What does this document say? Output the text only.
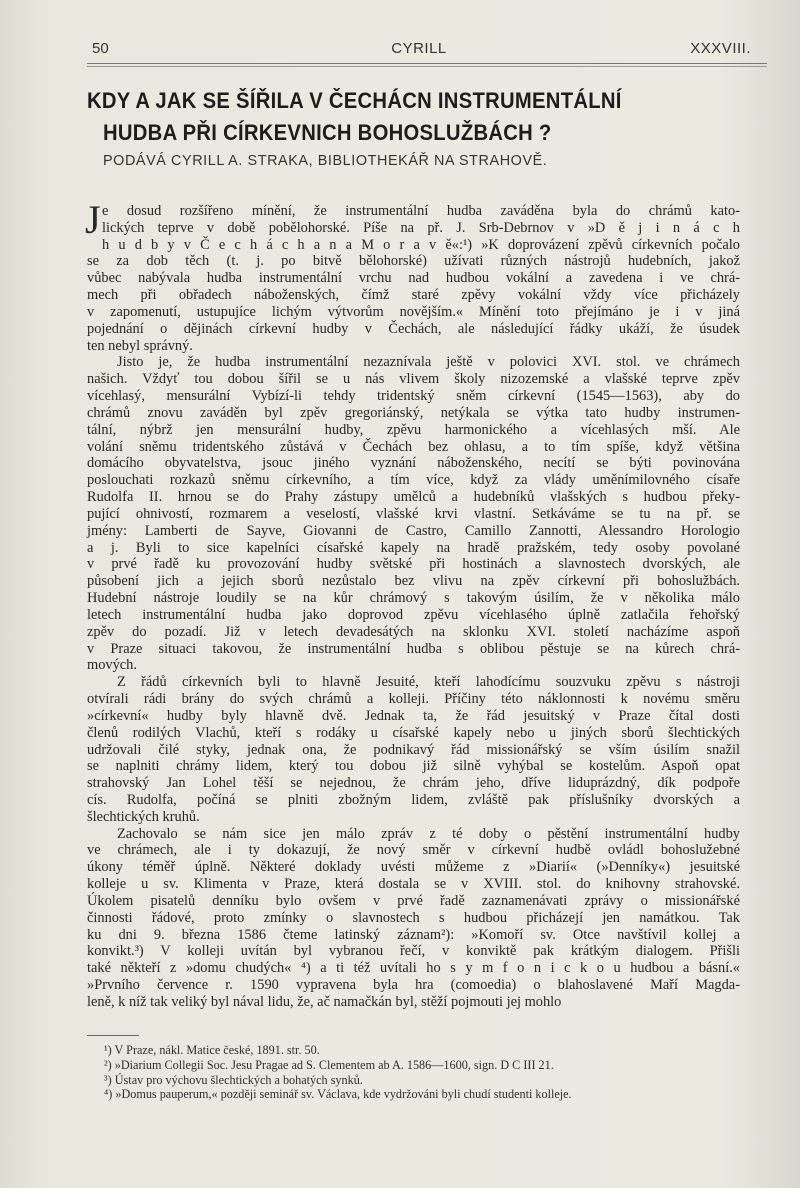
50	CYRILL	XXXVIII.
KDY A JAK SE ŠÍŘILA V ČECHÁCN INSTRUMENTÁLNÍ
HUDBA PŘI CÍRKEVNICH BOHOSLUŽBÁCH ?
PODÁVÁ CYRILL A. STRAKA, BIBLIOTHEKÁŘ NA STRAHOVĚ.
J e dosud rozšířeno mínění, že instrumentální hudba zaváděna byla do chrámů kato-
lických teprve v době pobělohorské. Píše na př. J. Srb-Debrnov v »D ě j i n á c h
h u d b y v Č e c h á c h a n a M o r a v ě«:¹) »K doprovázení zpěvů církevních počalo
se za dob těch (t. j. po bitvě bělohorské) užívati různých nástrojů hudebních, jakož
vůbec nabývala hudba instrumentální vrchu nad hudbou vokální a zavedena i ve chrá-
mech při obřadech náboženských, čímž staré zpěvy vokální vždy více přicházely
v zapomenutí, ustupujíce lichým výtvorům novějším.« Mínění toto přejímáno je i v jiná
pojednání o dějinách církevní hudby v Čechách, ale následující řádky ukáží, že úsudek
ten nebyl správný.
Jisto je, že hudba instrumentální nezaznívala ještě v polovici XVI. stol. ve chrámech
našich. Vždyť tou dobou šířil se u nás vlivem školy nizozemské a vlašské teprve zpěv
vícehlasý, mensurální Vybízí-li tehdy tridentský sněm církevní (1545—1563), aby do
chrámů znovu zaváděn byl zpěv gregoriánský, netýkala se výtka tato hudby instrumen-
tální, nýbrž jen mensurální hudby, zpěvu harmonického a vícehlasých mší. Ale
volání sněmu tridentského zůstává v Čechách bez ohlasu, a to tím spíše, když většina
domácího obyvatelstva, jsouc jiného vyznání náboženského, necítí se býti povinována
poslouchati rozkazů sněmu církevního, a tím více, když za vlády uměnímilovného císaře
Rudolfa II. hrnou se do Prahy zástupy umělců a hudebníků vlašských s hudbou překy-
pující ohnivostí, rozmarem a veselostí, vlašské krvi vlastní. Setkáváme se tu na př. se
jmény: Lamberti de Sayve, Giovanni de Castro, Camillo Zannotti, Alessandro Horologio
a j. Byli to sice kapelníci císařské kapely na hradě pražském, tedy osoby povolané
v prvé řadě ku provozování hudby světské při hostinách a slavnostech dvorských, ale
působení jich a jejich sborů nezůstalo bez vlivu na zpěv církevní při bohoslužbách.
Hudební nástroje loudily se na kůr chrámový s takovým úsilím, že v několika málo
letech instrumentální hudba jako doprovod zpěvu vícehlasého úplně zatlačila řehořský
zpěv do pozadí. Již v letech devadesátých na sklonku XVI. století nacházíme aspoň
v Praze situaci takovou, že instrumentální hudba s oblibou pěstuje se na kůrech chrá-
mových.
Z řádů církevních byli to hlavně Jesuité, kteří lahodícímu souzvuku zpěvu s nástroji
otvírali rádi brány do svých chrámů a kolleji. Příčiny této náklonnosti k novému směru
»církevní« hudby byly hlavně dvě. Jednak ta, že řád jesuitský v Praze čítal dosti
členů rodilých Vlachů, kteří s rodáky u císařské kapely nebo u jiných sborů šlechtických
udržovali čilé styky, jednak ona, že podnikavý řád missionářský se vším úsilím snažil
se naplniti chrámy lidem, který tou dobou již silně vyhýbal se kostelům. Aspoň opat
strahovský Jan Lohel těší se nejednou, že chrám jeho, dříve liduprázdný, dík podpoře
cís. Rudolfa, počíná se plniti zbožným lidem, zvláště pak příslušníky dvorských a
šlechtických kruhů.
Zachovalo se nám sice jen málo zpráv z té doby o pěstění instrumentální hudby
ve chrámech, ale i ty dokazují, že nový směr v církevní hudbě ovládl bohoslužebné
úkony téměř úplně. Některé doklady uvésti můžeme z »Diarií« (»Denníky«) jesuitské
kolleje u sv. Klimenta v Praze, která dostala se v XVIII. stol. do knihovny strahovské.
Úkolem pisatelů denníku bylo ovšem v prvé řadě zaznamenávati zprávy o missionářské
činnosti řádové, proto zmínky o slavnostech s hudbou přicházejí jen namátkou. Tak
ku dni 9. března 1586 čteme latinský záznam²): »Komoří sv. Otce navštívil kollej a
konvikt.³) V kolleji uvítán byl vybranou řečí, v konviktě pak krátkým dialogem. Přišli
také někteří z »domu chudých« ⁴) a ti též uvítali ho s y m f o n i c k o u hudbou a básní.«
»Prvního července r. 1590 vypravena byla hra (comoedia) o blahoslavené Maří Magda-
leně, k níž tak veliký byl nával lidu, že, ač namačkán byl, stěží pojmouti jej mohlo
¹) V Praze, nákl. Matice české, 1891. str. 50.
²) »Diarium Collegii Soc. Jesu Pragae ad S. Clementem ab A. 1586—1600, sign. D C III 21.
³) Ústav pro výchovu šlechtických a bohatých synků.
⁴) »Domus pauperum,« později seminář sv. Václava, kde vydržováni byli chudí studenti kolleje.
